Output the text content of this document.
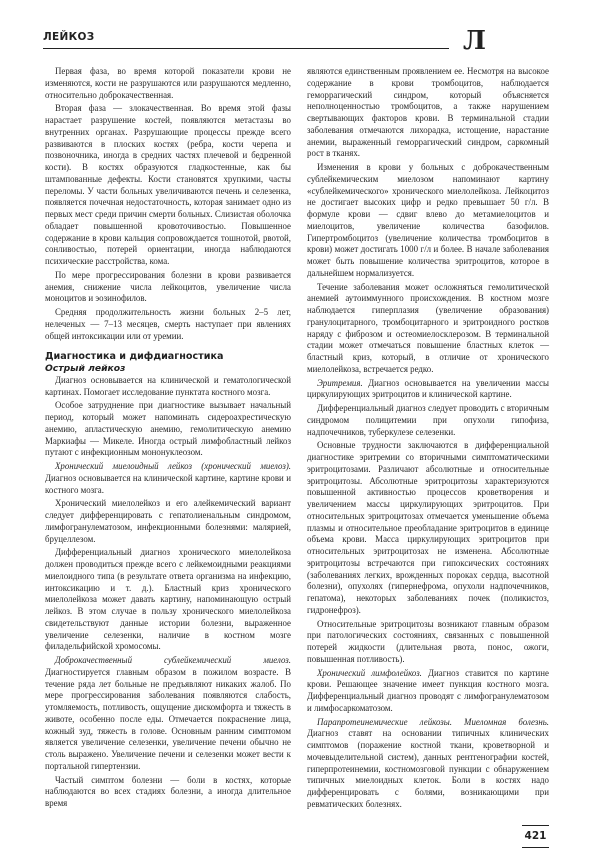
ЛЕЙКОЗ	Л

Первая фаза, во время которой показатели крови не изменяются, кости не разрушаются или разрушаются медленно, относительно доброкачественная.

Вторая фаза — злокачественная. Во время этой фазы нарастает разрушение костей, появляются метастазы во внутренних органах. Разрушающие процессы прежде всего развиваются в плоских костях (ребра, кости черепа и позвоночника, иногда в средних частях плечевой и бедренной кости). В костях образуются гладкостенные, как бы штампованные дефекты. Кости становятся хрупкими, часты переломы. У части больных увеличиваются печень и селезенка, появляется почечная недостаточность, которая занимает одно из первых мест среди причин смерти больных. Слизистая оболочка обладает повышенной кровоточивостью. Повышенное содержание в крови кальция сопровождается тошнотой, рвотой, сонливостью, потерей ориентации, иногда наблюдаются психические расстройства, кома.

По мере прогрессирования болезни в крови развивается анемия, снижение числа лейкоцитов, увеличение числа моноцитов и эозинофилов.

Средняя продолжительность жизни больных 2–5 лет, нелеченых — 7–13 месяцев, смерть наступает при явлениях общей интоксикации или от уремии.

Диагностика и дифдиагностика
Острый лейкоз

Диагноз основывается на клинической и гематологической картинах. Помогает исследование пунктата костного мозга.

Особое затруднение при диагностике вызывает начальный период, который может напоминать сидероахрестическую анемию, апластическую анемию, гемолитическую анемию Маркиафы — Микеле. Иногда острый лимфобластный лейкоз путают с инфекционным мононуклеозом.

Хронический миелоидный лейкоз (хронический миелоз). Диагноз основывается на клинической картине, картине крови и костного мозга.

Хронический миелолейкоз и его алейкемический вариант следует дифференцировать с гепатолиенальным синдромом, лимфогранулематозом, инфекционными болезнями: малярией, бруцеллезом.

Дифференциальный диагноз хронического миелолейкоза должен проводиться прежде всего с лейкемоидными реакциями миелоидного типа (в результате ответа организма на инфекцию, интоксикацию и т. д.). Бластный криз хронического миелолейкоза может давать картину, напоминающую острый лейкоз. В этом случае в пользу хронического миелолейкоза свидетельствуют данные истории болезни, выраженное увеличение селезенки, наличие в костном мозге филадельфийской хромосомы.

Доброкачественный сублейкемический миелоз. Диагностируется главным образом в пожилом возрасте. В течение ряда лет больные не предъявляют никаких жалоб. По мере прогрессирования заболевания появляются слабость, утомляемость, потливость, ощущение дискомфорта и тяжесть в животе, особенно после еды. Отмечается покраснение лица, кожный зуд, тяжесть в голове. Основным ранним симптомом является увеличение селезенки, увеличение печени обычно не столь выражено. Увеличение печени и селезенки может вести к портальной гипертензии.

Частый симптом болезни — боли в костях, которые наблюдаются во всех стадиях болезни, а иногда длительное время

являются единственным проявлением ее. Несмотря на высокое содержание в крови тромбоцитов, наблюдается геморрагический синдром, который объясняется неполноценностью тромбоцитов, а также нарушением свертывающих факторов крови. В терминальной стадии заболевания отмечаются лихорадка, истощение, нарастание анемии, выраженный геморрагический синдром, саркомный рост в тканях.

Изменения в крови у больных с доброкачественным сублейкемическим миелозом напоминают картину «сублейкемического» хронического миелолейкоза. Лейкоцитоз не достигает высоких цифр и редко превышает 50 г/л. В формуле крови — сдвиг влево до метамиелоцитов и миелоцитов, увеличение количества базофилов. Гипертромбоцитоз (увеличение количества тромбоцитов в крови) может достигать 1000 г/л и более. В начале заболевания может быть повышение количества эритроцитов, которое в дальнейшем нормализуется.

Течение заболевания может осложняться гемолитической анемией аутоиммунного происхождения. В костном мозге наблюдается гиперплазия (увеличение образования) гранулоцитарного, тромбоцитарного и эритроидного ростков наряду с фиброзом и остеомиелосклерозом. В терминальной стадии может отмечаться повышение бластных клеток — бластный криз, который, в отличие от хронического миелолейкоза, встречается редко.

Эритремия. Диагноз основывается на увеличении массы циркулирующих эритроцитов и клинической картине.

Дифференциальный диагноз следует проводить с вторичным синдромом полицитемии при опухоли гипофиза, надпочечников, туберкулезе селезенки.

Основные трудности заключаются в дифференциальной диагностике эритремии со вторичными симптоматическими эритроцитозами. Различают абсолютные и относительные эритроцитозы. Абсолютные эритроцитозы характеризуются повышенной активностью процессов кроветворения и увеличением массы циркулирующих эритроцитов. При относительных эритроцитозах отмечается уменьшение объема плазмы и относительное преобладание эритроцитов в единице объема крови. Масса циркулирующих эритроцитов при относительных эритроцитозах не изменена. Абсолютные эритроцитозы встречаются при гипоксических состояниях (заболеваниях легких, врожденных пороках сердца, высотной болезни), опухолях (гипернефрома, опухоли надпочечников, гепатома), некоторых заболеваниях почек (поликистоз, гидронефроз).

Относительные эритроцитозы возникают главным образом при патологических состояниях, связанных с повышенной потерей жидкости (длительная рвота, понос, ожоги, повышенная потливость).

Хронический лимфолейкоз. Диагноз ставится по картине крови. Решающее значение имеет пункция костного мозга. Дифференциальный диагноз проводят с лимфогранулематозом и лимфосаркоматозом.

Парапротеинемические лейкозы. Миеломная болезнь. Диагноз ставят на основании типичных клинических симптомов (поражение костной ткани, кроветворной и мочевыделительной систем), данных рентгенографии костей, гиперпротеинемии, костномозговой пункции с обнаружением типичных миелоидных клеток. Боли в костях надо дифференцировать с болями, возникающими при ревматических болезнях.

421
